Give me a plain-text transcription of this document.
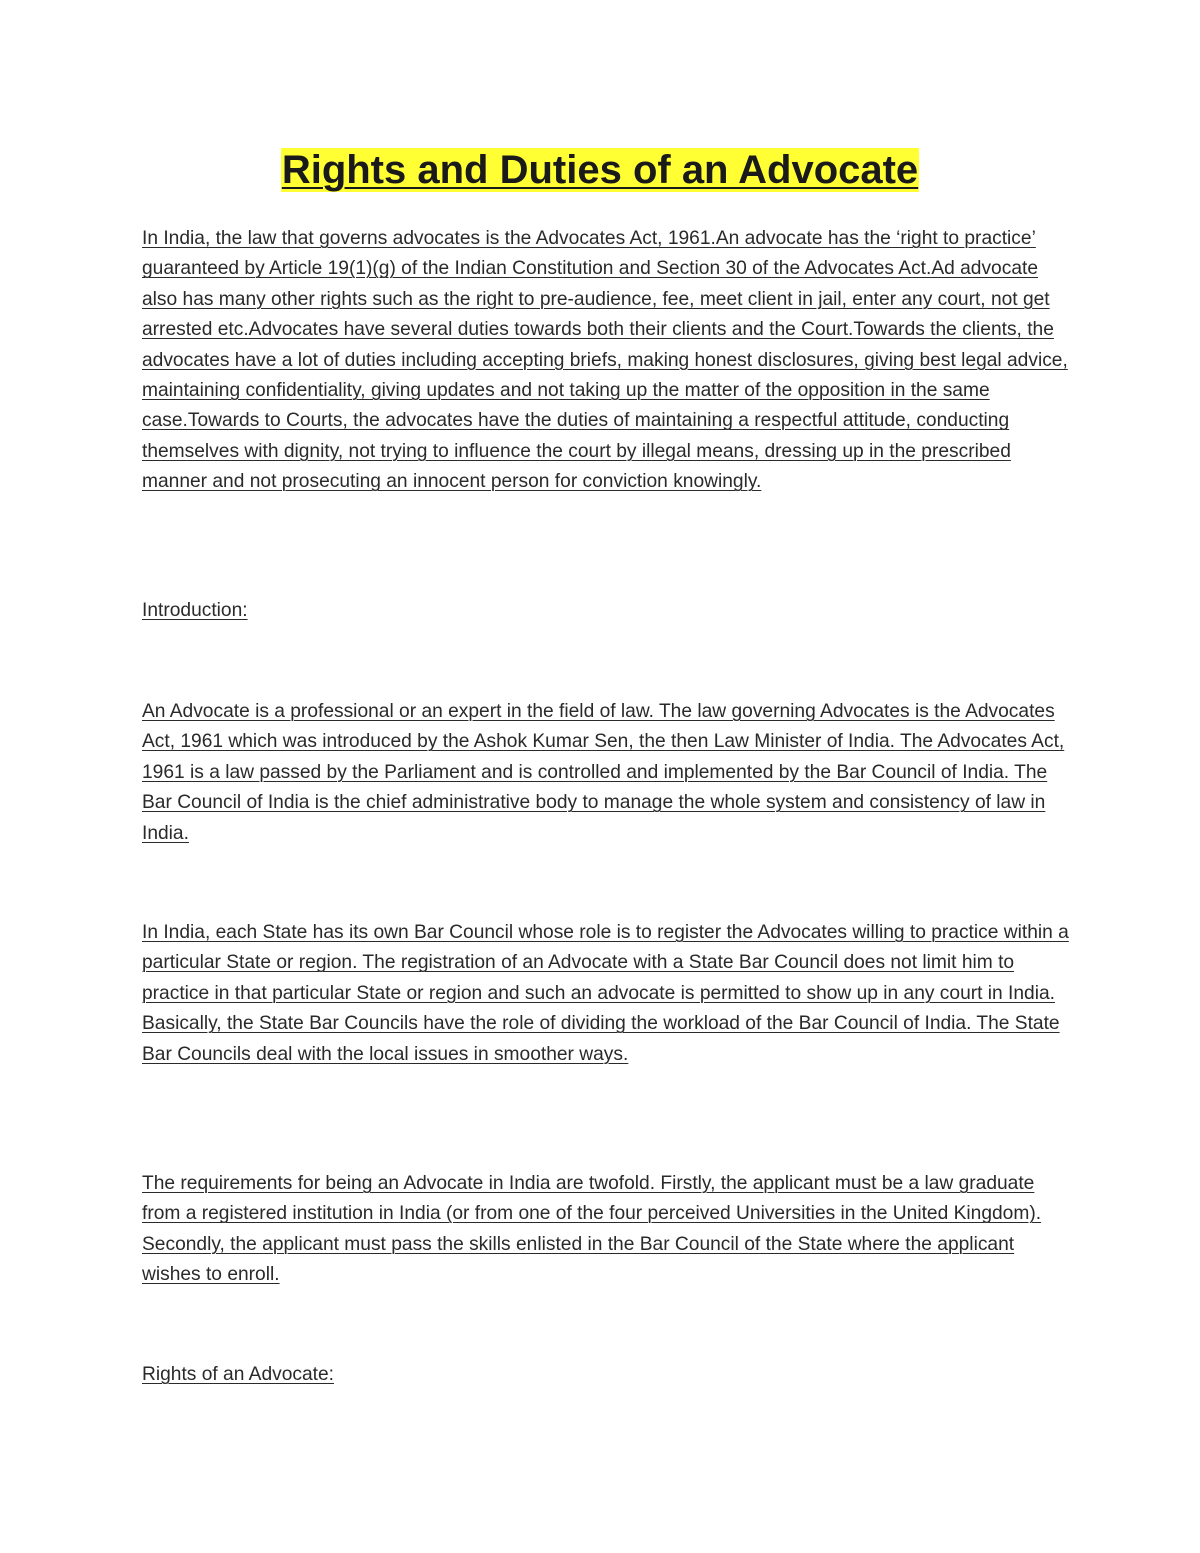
Rights and Duties of an Advocate

In India, the law that governs advocates is the Advocates Act, 1961.An advocate has the ‘right to practice’ guaranteed by Article 19(1)(g) of the Indian Constitution and Section 30 of the Advocates Act.Ad advocate also has many other rights such as the right to pre-audience, fee, meet client in jail, enter any court, not get arrested etc.Advocates have several duties towards both their clients and the Court.Towards the clients, the advocates have a lot of duties including accepting briefs, making honest disclosures, giving best legal advice, maintaining confidentiality, giving updates and not taking up the matter of the opposition in the same case.Towards to Courts, the advocates have the duties of maintaining a respectful attitude, conducting themselves with dignity, not trying to influence the court by illegal means, dressing up in the prescribed manner and not prosecuting an innocent person for conviction knowingly.

Introduction:

An Advocate is a professional or an expert in the field of law. The law governing Advocates is the Advocates Act, 1961 which was introduced by the Ashok Kumar Sen, the then Law Minister of India. The Advocates Act, 1961 is a law passed by the Parliament and is controlled and implemented by the Bar Council of India. The Bar Council of India is the chief administrative body to manage the whole system and consistency of law in India.

In India, each State has its own Bar Council whose role is to register the Advocates willing to practice within a particular State or region. The registration of an Advocate with a State Bar Council does not limit him to practice in that particular State or region and such an advocate is permitted to show up in any court in India. Basically, the State Bar Councils have the role of dividing the workload of the Bar Council of India. The State Bar Councils deal with the local issues in smoother ways.

The requirements for being an Advocate in India are twofold. Firstly, the applicant must be a law graduate from a registered institution in India (or from one of the four perceived Universities in the United Kingdom). Secondly, the applicant must pass the skills enlisted in the Bar Council of the State where the applicant wishes to enroll.

Rights of an Advocate:
